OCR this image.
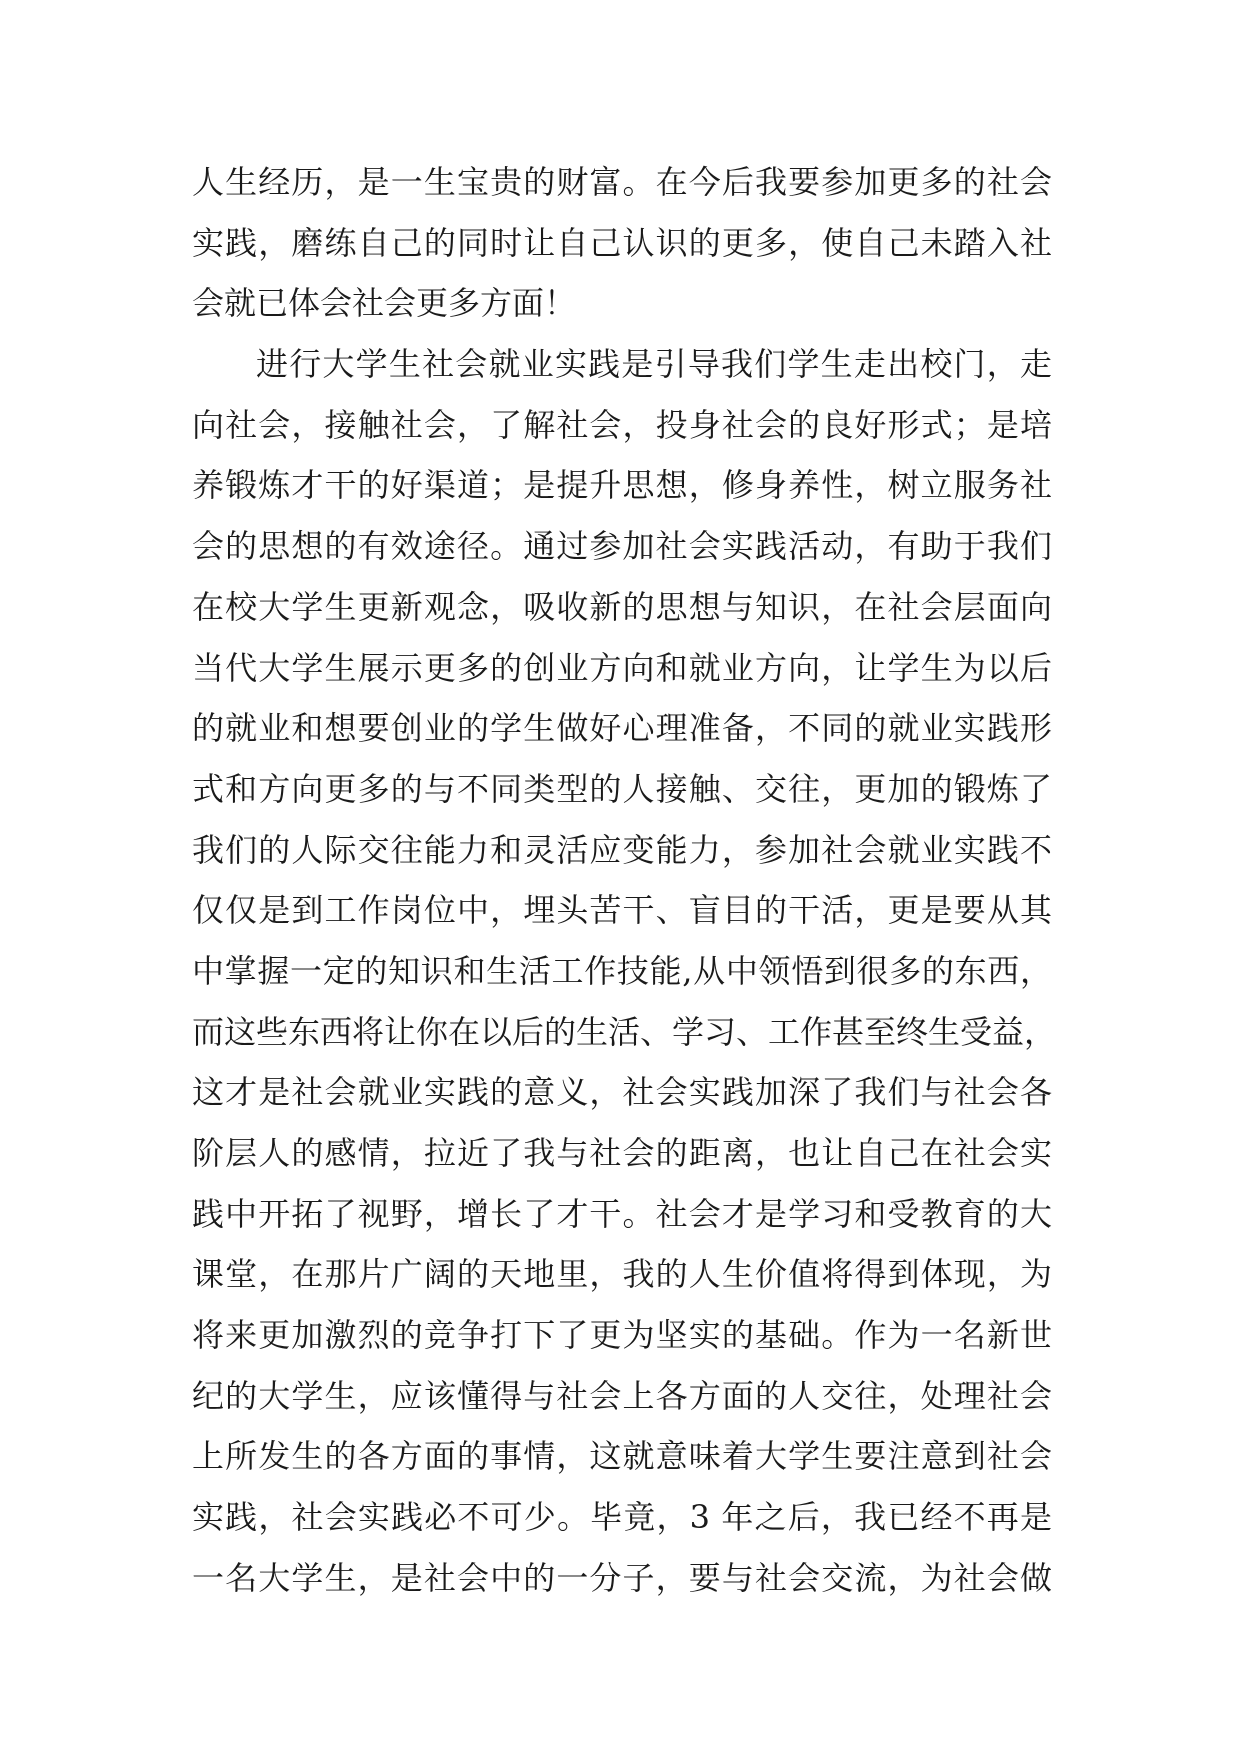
人生经历，是一生宝贵的财富。在今后我要参加更多的社会
实践，磨练自己的同时让自己认识的更多，使自己未踏入社
会就已体会社会更多方面！
进行大学生社会就业实践是引导我们学生走出校门，走
向社会，接触社会，了解社会，投身社会的良好形式；是培
养锻炼才干的好渠道；是提升思想，修身养性，树立服务社
会的思想的有效途径。通过参加社会实践活动，有助于我们
在校大学生更新观念，吸收新的思想与知识，在社会层面向
当代大学生展示更多的创业方向和就业方向，让学生为以后
的就业和想要创业的学生做好心理准备，不同的就业实践形
式和方向更多的与不同类型的人接触、交往，更加的锻炼了
我们的人际交往能力和灵活应变能力，参加社会就业实践不
仅仅是到工作岗位中，埋头苦干、盲目的干活，更是要从其
中掌握一定的知识和生活工作技能,从中领悟到很多的东西，
而这些东西将让你在以后的生活、学习、工作甚至终生受益，
这才是社会就业实践的意义，社会实践加深了我们与社会各
阶层人的感情，拉近了我与社会的距离，也让自己在社会实
践中开拓了视野，增长了才干。社会才是学习和受教育的大
课堂，在那片广阔的天地里，我的人生价值将得到体现，为
将来更加激烈的竞争打下了更为坚实的基础。作为一名新世
纪的大学生，应该懂得与社会上各方面的人交往，处理社会
上所发生的各方面的事情，这就意味着大学生要注意到社会
实践，社会实践必不可少。毕竟，3 年之后，我已经不再是
一名大学生，是社会中的一分子，要与社会交流，为社会做
